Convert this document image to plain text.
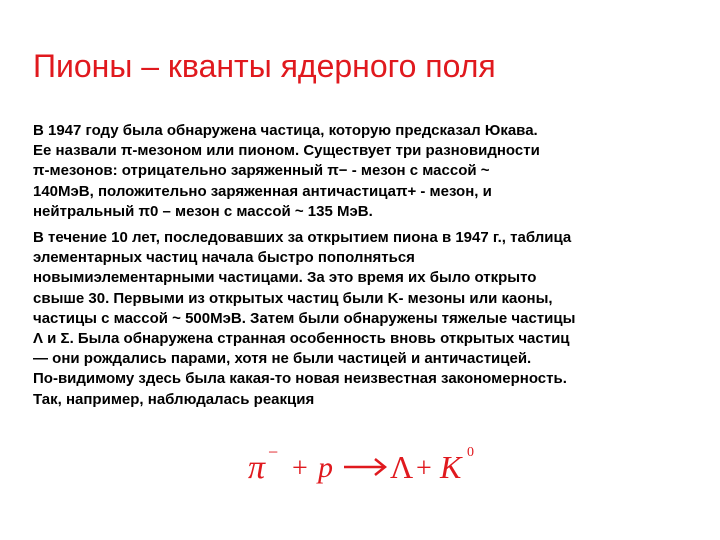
Пионы – кванты ядерного поля

В 1947 году была обнаружена частица, которую предсказал Юкава.
Ее назвали π-мезоном или пионом. Существует три разновидности
π-мезонов: отрицательно заряженный π− - мезон с массой ~
140МэВ, положительно заряженная античастицаπ+ - мезон, и
нейтральный π0 – мезон с массой ~ 135 МэВ.

В течение 10 лет, последовавших за открытием пиона в 1947 г., таблица
элементарных частиц начала быстро пополняться
новымиэлементарными частицами. За это время их было открыто
свыше 30. Первыми из открытых частиц были K- мезоны или каоны,
частицы с массой ~ 500МэВ. Затем были обнаружены тяжелые частицы
Λ и Σ. Была обнаружена странная особенность вновь открытых частиц
— они рождались парами, хотя не были частицей и античастицей.
По-видимому здесь была какая-то новая неизвестная закономерность.
Так, например, наблюдалась реакция

π −
+ p Λ + K 0
